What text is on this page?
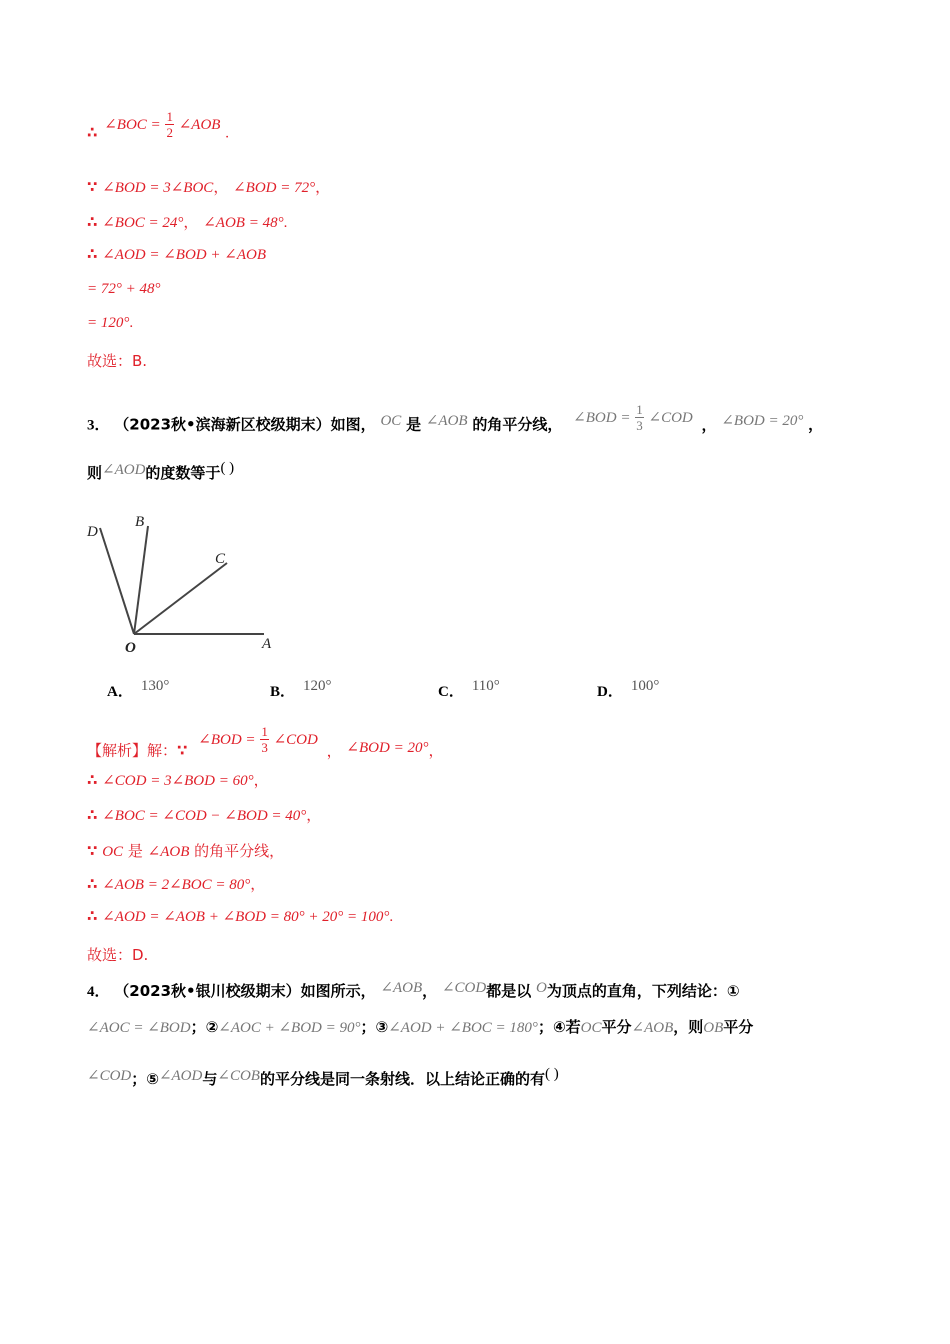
∴ ∠BOC = $\frac{1}{2}$ ∠AOB .
∵ ∠BOD = 3∠BOC， ∠BOD = 72°，
∴ ∠BOC = 24°， ∠AOB = 48°.
∴ ∠AOD = ∠BOD + ∠AOB
= 72° + 48°
= 120°.
故选：B.
3． （2023秋•滨海新区校级期末）如图， OC 是 ∠AOB 的角平分线， ∠BOD = $\frac{1}{3}$ ∠COD ， ∠BOD = 20° ，
则∠AOD的度数等于( )
D
B
C
O	A
A． 130°	B． 120°	C． 110°	D． 100°
【解析】解：∵ ∠BOD = $\frac{1}{3}$ ∠COD ， ∠BOD = 20°，
∴ ∠COD = 3∠BOD = 60°，
∴ ∠BOC = ∠COD − ∠BOD = 40°，
∵ OC 是 ∠AOB 的角平分线，
∴ ∠AOB = 2∠BOC = 80°，
∴ ∠AOD = ∠AOB + ∠BOD = 80° + 20° = 100°.
故选：D.
4． （2023秋•银川校级期末）如图所示， ∠AOB， ∠COD都是以 O为顶点的直角，下列结论：①
∠AOC = ∠BOD；②∠AOC + ∠BOD = 90°；③∠AOD + ∠BOC = 180°；④若OC平分∠AOB，则OB平分
∠COD；⑤∠AOD与∠COB的平分线是同一条射线．以上结论正确的有( )
